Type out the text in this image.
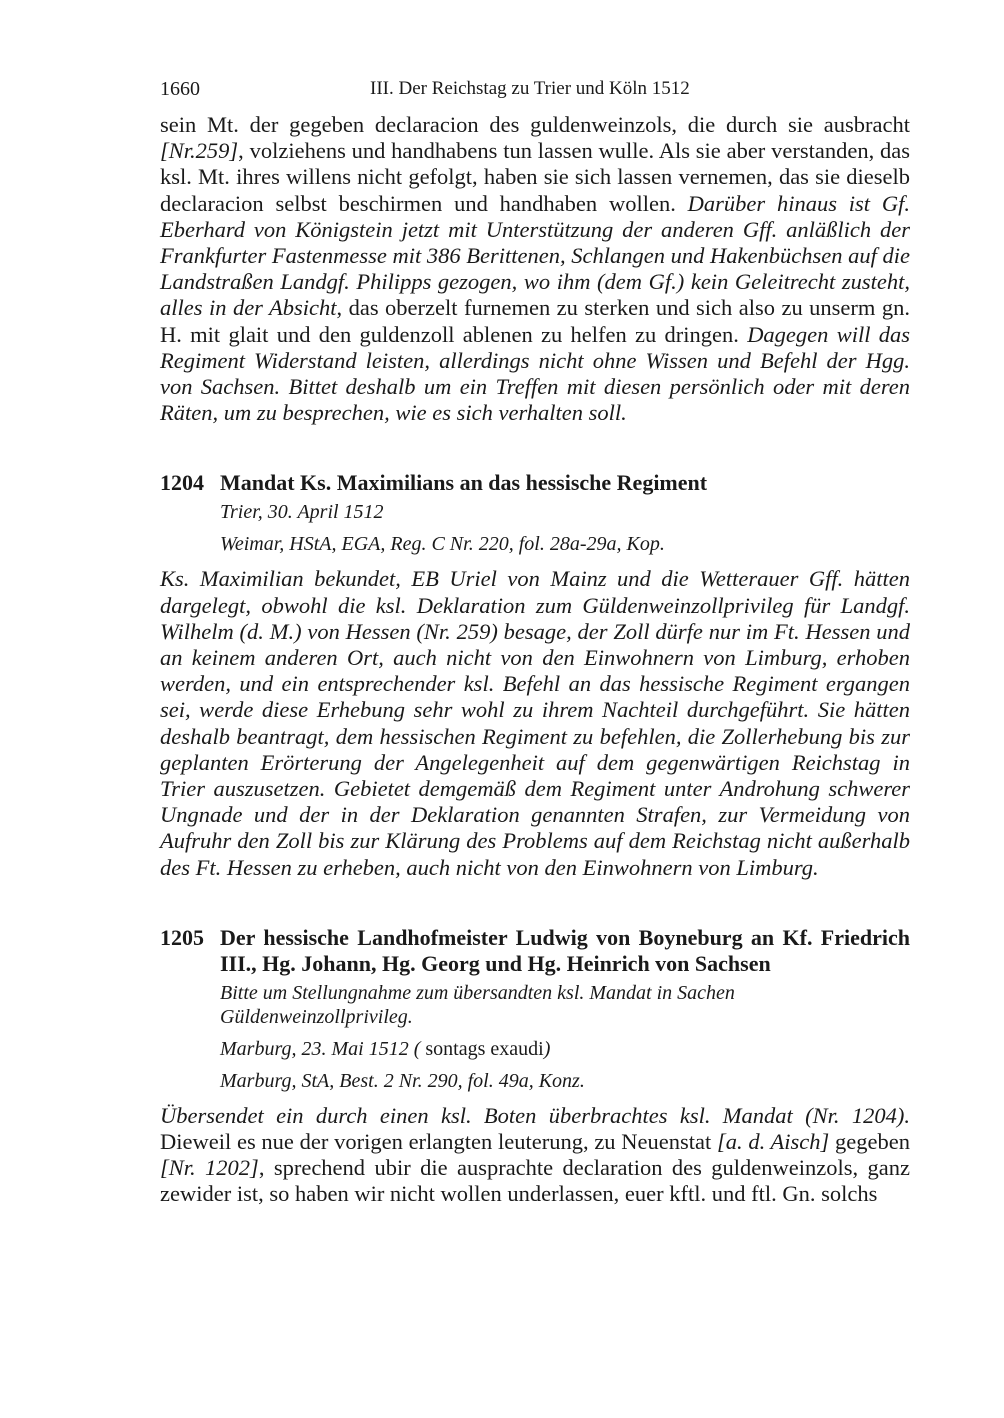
1660	III. Der Reichstag zu Trier und Köln 1512

sein Mt. der gegeben declaracion des guldenweinzols, die durch sie ausbracht [Nr.259], volziehens und handhabens tun lassen wulle. Als sie aber verstanden, das ksl. Mt. ihres willens nicht gefolgt, haben sie sich lassen vernemen, das sie dieselb declaracion selbst beschirmen und handhaben wollen. Darüber hinaus ist Gf. Eberhard von Königstein jetzt mit Unterstützung der anderen Gff. anläßlich der Frankfurter Fastenmesse mit 386 Berittenen, Schlangen und Hakenbüchsen auf die Landstraßen Landgf. Philipps gezogen, wo ihm (dem Gf.) kein Geleitrecht zusteht, alles in der Absicht, das oberzelt furnemen zu sterken und sich also zu unserm gn. H. mit glait und den guldenzoll ablenen zu helfen zu dringen. Dagegen will das Regiment Widerstand leisten, allerdings nicht ohne Wissen und Befehl der Hgg. von Sachsen. Bittet deshalb um ein Treffen mit diesen persönlich oder mit deren Räten, um zu besprechen, wie es sich verhalten soll.

1204 Mandat Ks. Maximilians an das hessische Regiment
Trier, 30. April 1512
Weimar, HStA, EGA, Reg. C Nr. 220, fol. 28a-29a, Kop.

Ks. Maximilian bekundet, EB Uriel von Mainz und die Wetterauer Gff. hätten dargelegt, obwohl die ksl. Deklaration zum Güldenweinzollprivileg für Landgf. Wilhelm (d. M.) von Hessen (Nr. 259) besage, der Zoll dürfe nur im Ft. Hessen und an keinem anderen Ort, auch nicht von den Einwohnern von Limburg, erhoben werden, und ein entsprechender ksl. Befehl an das hessische Regiment ergangen sei, werde diese Erhebung sehr wohl zu ihrem Nachteil durchgeführt. Sie hätten deshalb beantragt, dem hessischen Regiment zu befehlen, die Zollerhebung bis zur geplanten Erörterung der Angelegenheit auf dem gegenwärtigen Reichstag in Trier auszusetzen. Gebietet demgemäß dem Regiment unter Androhung schwerer Ungnade und der in der Deklaration genannten Strafen, zur Vermeidung von Aufruhr den Zoll bis zur Klärung des Problems auf dem Reichstag nicht außerhalb des Ft. Hessen zu erheben, auch nicht von den Einwohnern von Limburg.

1205 Der hessische Landhofmeister Ludwig von Boyneburg an Kf. Friedrich III., Hg. Johann, Hg. Georg und Hg. Heinrich von Sachsen
Bitte um Stellungnahme zum übersandten ksl. Mandat in Sachen Güldenweinzollprivileg.
Marburg, 23. Mai 1512 ( sontags exaudi)
Marburg, StA, Best. 2 Nr. 290, fol. 49a, Konz.

Übersendet ein durch einen ksl. Boten überbrachtes ksl. Mandat (Nr. 1204). Dieweil es nue der vorigen erlangten leuterung, zu Neuenstat [a. d. Aisch] gegeben [Nr. 1202], sprechend ubir die ausprachte declaration des guldenweinzols, ganz zewider ist, so haben wir nicht wollen underlassen, euer kftl. und ftl. Gn. solchs
